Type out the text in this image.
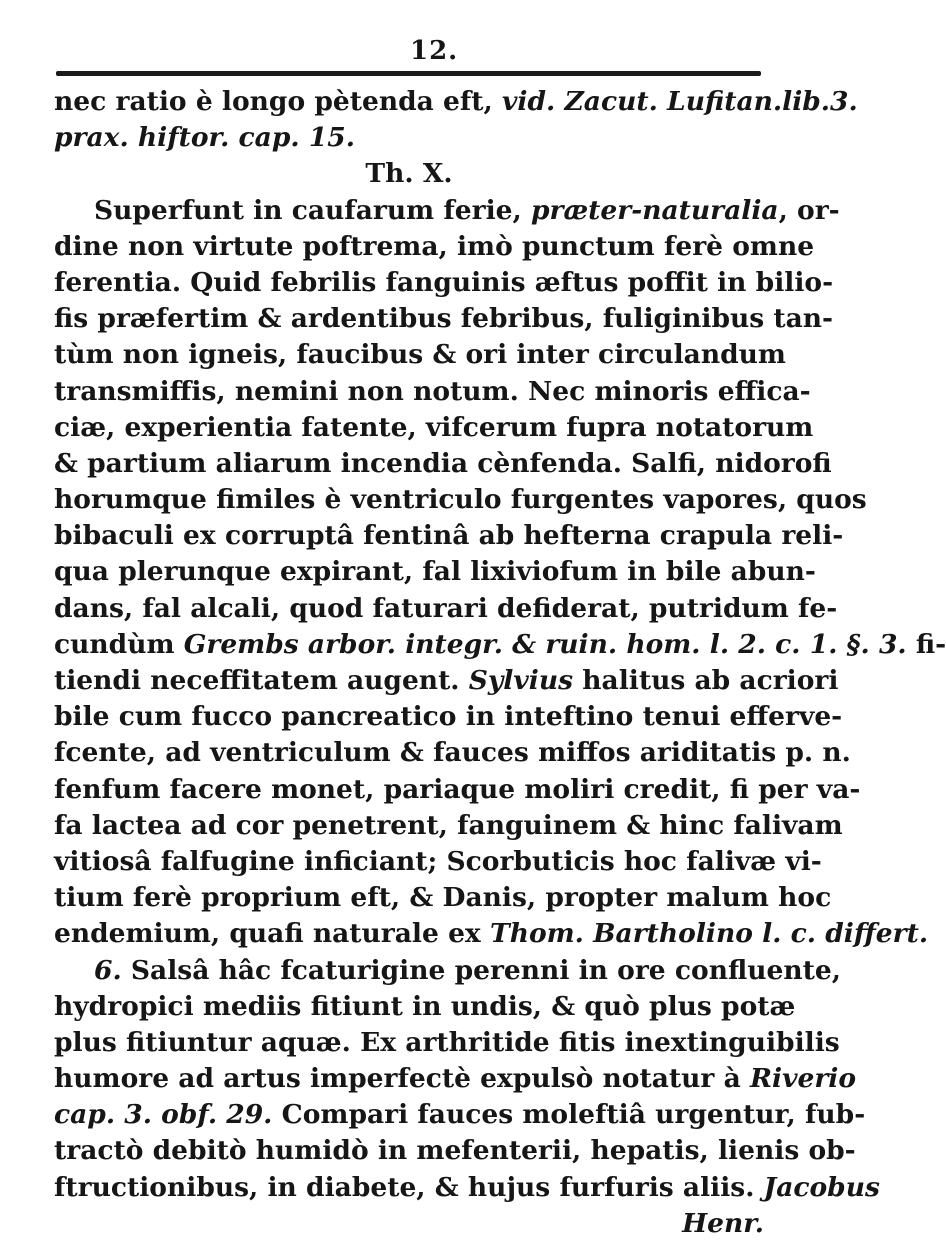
12.
nec ratio è longo pètenda eft, vid. Zacut. Lufitan.lib.3.
prax. hiftor. cap. 15.
Th. X.
Superfunt in caufarum ferie, præter-naturalia, or-
dine non virtute poftrema, imò punctum ferè omne
ferentia. Quid febrilis fanguinis æftus poffit in bilio-
fis præfertim & ardentibus febribus, fuliginibus tan-
tùm non igneis, faucibus & ori inter circulandum
transmiffis, nemini non notum. Nec minoris effica-
ciæ, experientia fatente, vifcerum fupra notatorum
& partium aliarum incendia cènfenda. Salfi, nidorofi
horumque fimiles è ventriculo furgentes vapores, quos
bibaculi ex corruptâ fentinâ ab hefterna crapula reli-
qua plerunque expirant, fal lixiviofum in bile abun-
dans, fal alcali, quod faturari defiderat, putridum fe-
cundùm Grembs arbor. integr. & ruin. hom. l. 2. c. 1. §. 3. fi-
tiendi neceffitatem augent. Sylvius halitus ab acriori
bile cum fucco pancreatico in inteftino tenui efferve-
fcente, ad ventriculum & fauces miffos ariditatis p. n.
fenfum facere monet, pariaque moliri credit, fi per va-
fa lactea ad cor penetrent, fanguinem & hinc falivam
vitiosâ falfugine inficiant; Scorbuticis hoc falivæ vi-
tium ferè proprium eft, & Danis, propter malum hoc
endemium, quafi naturale ex Thom. Bartholino l. c. differt.
6. Salsâ hâc fcaturigine perenni in ore confluente,
hydropici mediis fitiunt in undis, & quò plus potæ
plus fitiuntur aquæ. Ex arthritide fitis inextinguibilis
humore ad artus imperfectè expulsò notatur à Riverio
cap. 3. obf. 29. Compari fauces moleftiâ urgentur, fub-
tractò debitò humidò in mefenterii, hepatis, lienis ob-
ftructionibus, in diabete, & hujus furfuris aliis. Jacobus
Henr.
